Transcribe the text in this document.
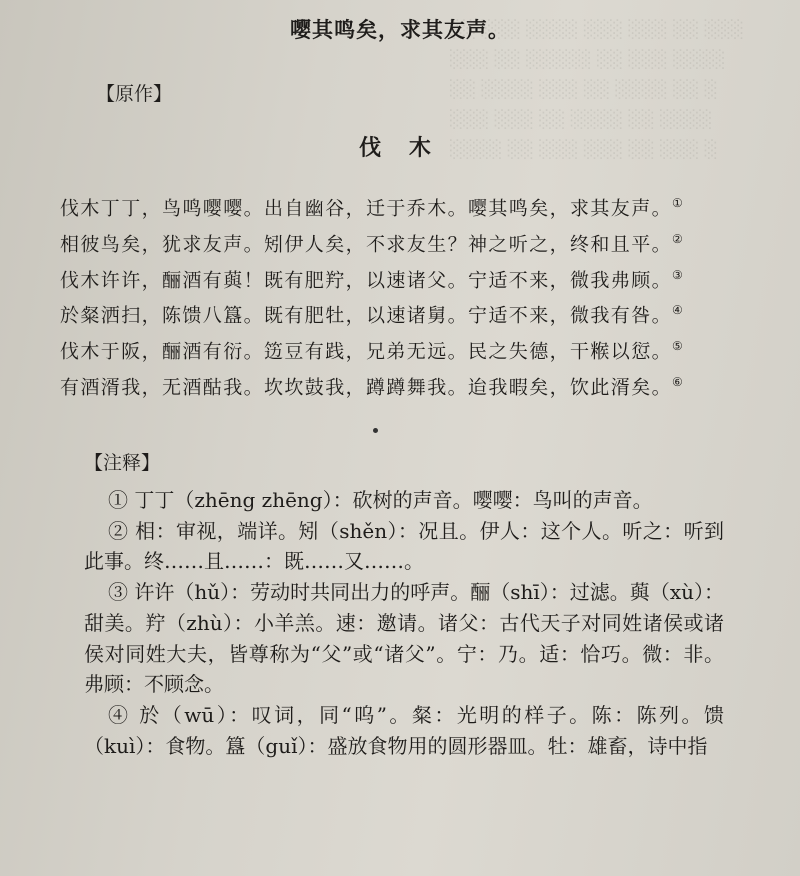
░░ ░░░ ░░░░ ░░░ ░░░ ░░ ░░░
░░░ ░░ ░░░░░ ░░ ░░░ ░░░░
░░ ░░░░ ░░░ ░░ ░░░░ ░░ ░
░░░ ░░░ ░░ ░░░░ ░░ ░░░░
░░░░ ░░ ░░░ ░░░ ░░ ░░░ ░
嘤其鸣矣，求其友声。
【原作】
伐 木
伐木丁丁，鸟鸣嘤嘤。出自幽谷，迁于乔木。嘤其鸣矣，求其友声。①
相彼鸟矣，犹求友声。矧伊人矣，不求友生？神之听之，终和且平。②
伐木许许，酾酒有藇！既有肥羜，以速诸父。宁适不来，微我弗顾。③
於粲洒扫，陈馈八簋。既有肥牡，以速诸舅。宁适不来，微我有咎。④
伐木于阪，酾酒有衍。笾豆有践，兄弟无远。民之失德，干糇以愆。⑤
有酒湑我，无酒酤我。坎坎鼓我，蹲蹲舞我。迨我暇矣，饮此湑矣。⑥
【注释】

① 丁丁（zhēng zhēng）：砍树的声音。嘤嘤：鸟叫的声音。

② 相：审视，端详。矧（shěn）：况且。伊人：这个人。听之：听到此事。终……且……：既……又……。

③ 许许（hǔ）：劳动时共同出力的呼声。酾（shī）：过滤。藇（xù）：甜美。羜（zhù）：小羊羔。速：邀请。诸父：古代天子对同姓诸侯或诸侯对同姓大夫，皆尊称为“父”或“诸父”。宁：乃。适：恰巧。微：非。弗顾：不顾念。

④ 於（wū）：叹词，同“呜”。粲：光明的样子。陈：陈列。馈（kuì）：食物。簋（guǐ）：盛放食物用的圆形器皿。牡：雄畜，诗中指
